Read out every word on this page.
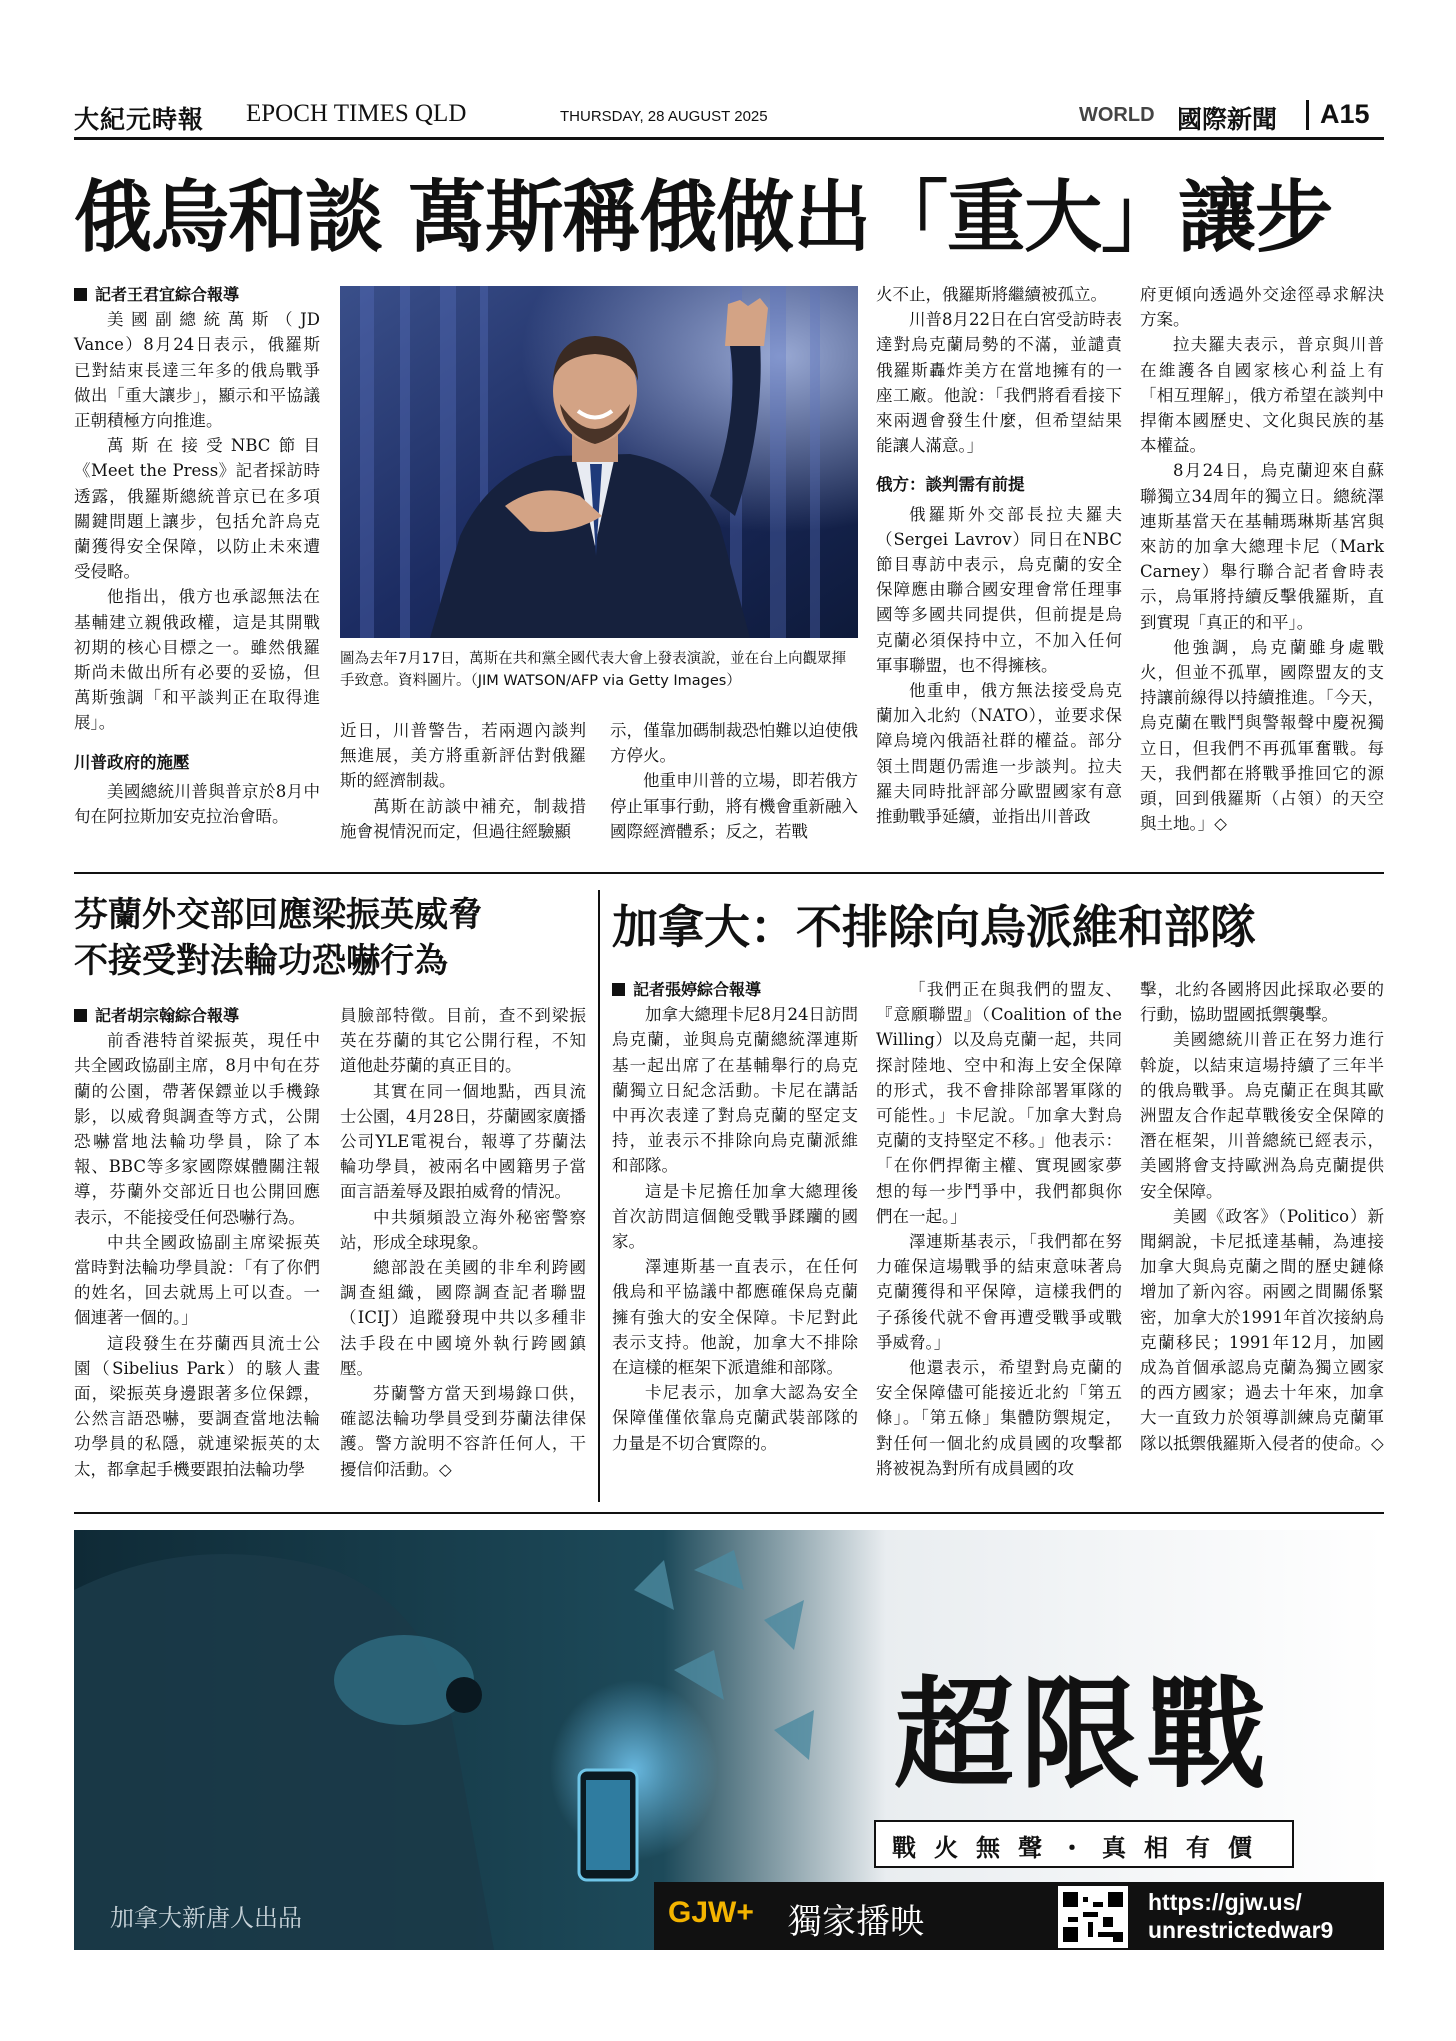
大紀元時報 EPOCH TIMES QLD	THURSDAY, 28 AUGUST 2025	WORLD 國際新聞 A15
俄烏和談 萬斯稱俄做出「重大」讓步

記者王君宜綜合報導

美國副總統萬斯（JD Vance）8月24日表示，俄羅斯已對結束長達三年多的俄烏戰爭做出「重大讓步」，顯示和平協議正朝積極方向推進。

萬斯在接受NBC節目《Meet the Press》記者採訪時透露，俄羅斯總統普京已在多項關鍵問題上讓步，包括允許烏克蘭獲得安全保障，以防止未來遭受侵略。

他指出，俄方也承認無法在基輔建立親俄政權，這是其開戰初期的核心目標之一。雖然俄羅斯尚未做出所有必要的妥協，但萬斯強調「和平談判正在取得進展」。

川普政府的施壓

美國總統川普與普京於8月中旬在阿拉斯加安克拉治會晤。

圖為去年7月17日，萬斯在共和黨全國代表大會上發表演說，並在台上向觀眾揮手致意。資料圖片。（JIM WATSON/AFP via Getty Images）

近日，川普警告，若兩週內談判無進展，美方將重新評估對俄羅斯的經濟制裁。

萬斯在訪談中補充，制裁措施會視情況而定，但過往經驗顯

示，僅靠加碼制裁恐怕難以迫使俄方停火。

他重申川普的立場，即若俄方停止軍事行動，將有機會重新融入國際經濟體系；反之，若戰

火不止，俄羅斯將繼續被孤立。

川普8月22日在白宮受訪時表達對烏克蘭局勢的不滿，並譴責俄羅斯轟炸美方在當地擁有的一座工廠。他說：「我們將看看接下來兩週會發生什麼，但希望結果能讓人滿意。」

俄方：談判需有前提

俄羅斯外交部長拉夫羅夫（Sergei Lavrov）同日在NBC節目專訪中表示，烏克蘭的安全保障應由聯合國安理會常任理事國等多國共同提供，但前提是烏克蘭必須保持中立，不加入任何軍事聯盟，也不得擁核。

他重申，俄方無法接受烏克蘭加入北約（NATO），並要求保障烏境內俄語社群的權益。部分領土問題仍需進一步談判。拉夫羅夫同時批評部分歐盟國家有意推動戰爭延續，並指出川普政

府更傾向透過外交途徑尋求解決方案。

拉夫羅夫表示，普京與川普在維護各自國家核心利益上有「相互理解」，俄方希望在談判中捍衛本國歷史、文化與民族的基本權益。

8月24日，烏克蘭迎來自蘇聯獨立34周年的獨立日。總統澤連斯基當天在基輔瑪琳斯基宮與來訪的加拿大總理卡尼（Mark Carney）舉行聯合記者會時表示，烏軍將持續反擊俄羅斯，直到實現「真正的和平」。

他強調，烏克蘭雖身處戰火，但並不孤單，國際盟友的支持讓前線得以持續推進。「今天，烏克蘭在戰鬥與警報聲中慶祝獨立日，但我們不再孤軍奮戰。每天，我們都在將戰爭推回它的源頭，回到俄羅斯（占領）的天空與土地。」◇

芬蘭外交部回應梁振英威脅
不接受對法輪功恐嚇行為

記者胡宗翰綜合報導

前香港特首梁振英，現任中共全國政協副主席，8月中旬在芬蘭的公園，帶著保鏢並以手機錄影，以威脅與調查等方式，公開恐嚇當地法輪功學員，除了本報、BBC等多家國際媒體關注報導，芬蘭外交部近日也公開回應表示，不能接受任何恐嚇行為。

中共全國政協副主席梁振英當時對法輪功學員說：「有了你們的姓名，回去就馬上可以查。一個連著一個的。」

這段發生在芬蘭西貝流士公園（Sibelius Park）的駭人畫面，梁振英身邊跟著多位保鏢，公然言語恐嚇，要調查當地法輪功學員的私隱，就連梁振英的太太，都拿起手機要跟拍法輪功學

員臉部特徵。目前，查不到梁振英在芬蘭的其它公開行程，不知道他赴芬蘭的真正目的。

其實在同一個地點，西貝流士公園，4月28日，芬蘭國家廣播公司YLE電視台，報導了芬蘭法輪功學員，被兩名中國籍男子當面言語羞辱及跟拍威脅的情況。

中共頻頻設立海外秘密警察站，形成全球現象。

總部設在美國的非牟利跨國調查組織，國際調查記者聯盟（ICIJ）追蹤發現中共以多種非法手段在中國境外執行跨國鎮壓。

芬蘭警方當天到場錄口供，確認法輪功學員受到芬蘭法律保護。警方說明不容許任何人，干擾信仰活動。◇

加拿大：不排除向烏派維和部隊

記者張婷綜合報導

加拿大總理卡尼8月24日訪問烏克蘭，並與烏克蘭總統澤連斯基一起出席了在基輔舉行的烏克蘭獨立日紀念活動。卡尼在講話中再次表達了對烏克蘭的堅定支持，並表示不排除向烏克蘭派維和部隊。

這是卡尼擔任加拿大總理後首次訪問這個飽受戰爭蹂躪的國家。

澤連斯基一直表示，在任何俄烏和平協議中都應確保烏克蘭擁有強大的安全保障。卡尼對此表示支持。他說，加拿大不排除在這樣的框架下派遣維和部隊。

卡尼表示，加拿大認為安全保障僅僅依靠烏克蘭武裝部隊的力量是不切合實際的。

「我們正在與我們的盟友、『意願聯盟』（Coalition of the Willing）以及烏克蘭一起，共同探討陸地、空中和海上安全保障的形式，我不會排除部署軍隊的可能性。」卡尼說。「加拿大對烏克蘭的支持堅定不移。」他表示：「在你們捍衛主權、實現國家夢想的每一步鬥爭中，我們都與你們在一起。」

澤連斯基表示，「我們都在努力確保這場戰爭的結束意味著烏克蘭獲得和平保障，這樣我們的子孫後代就不會再遭受戰爭或戰爭威脅。」

他還表示，希望對烏克蘭的安全保障儘可能接近北約「第五條」。「第五條」集體防禦規定，對任何一個北約成員國的攻擊都將被視為對所有成員國的攻

擊，北約各國將因此採取必要的行動，協助盟國抵禦襲擊。

美國總統川普正在努力進行斡旋，以結束這場持續了三年半的俄烏戰爭。烏克蘭正在與其歐洲盟友合作起草戰後安全保障的潛在框架，川普總統已經表示，美國將會支持歐洲為烏克蘭提供安全保障。

美國《政客》（Politico）新聞網說，卡尼抵達基輔，為連接加拿大與烏克蘭之間的歷史鏈條增加了新內容。兩國之間關係緊密，加拿大於1991年首次接納烏克蘭移民；1991年12月，加國成為首個承認烏克蘭為獨立國家的西方國家；過去十年來，加拿大一直致力於領導訓練烏克蘭軍隊以抵禦俄羅斯入侵者的使命。◇

超限戰
戰火無聲・真相有價
加拿大新唐人出品	GJW+ 獨家播映	https://gjw.us/
unrestrictedwar9
